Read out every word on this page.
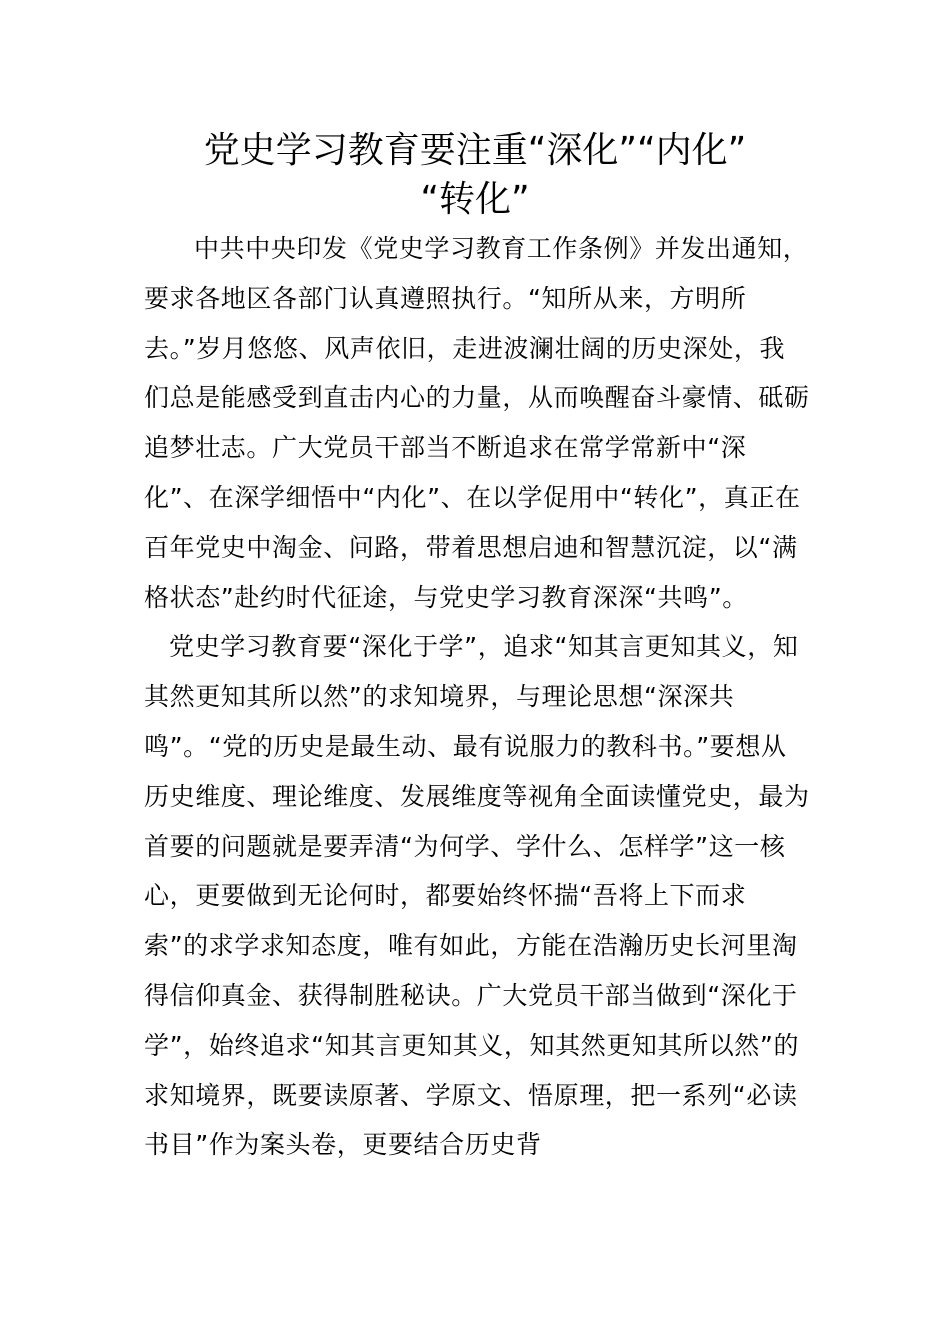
党史学习教育要注重“深化”“内化”
“转化”

中共中央印发《党史学习教育工作条例》并发出通知，要求各地区各部门认真遵照执行。“知所从来，方明所去。”岁月悠悠、风声依旧，走进波澜壮阔的历史深处，我们总是能感受到直击内心的力量，从而唤醒奋斗豪情、砥砺追梦壮志。广大党员干部当不断追求在常学常新中“深化”、在深学细悟中“内化”、在以学促用中“转化”，真正在百年党史中淘金、问路，带着思想启迪和智慧沉淀，以“满格状态”赴约时代征途，与党史学习教育深深“共鸣”。

党史学习教育要“深化于学”，追求“知其言更知其义，知其然更知其所以然”的求知境界，与理论思想“深深共鸣”。“党的历史是最生动、最有说服力的教科书。”要想从历史维度、理论维度、发展维度等视角全面读懂党史，最为首要的问题就是要弄清“为何学、学什么、怎样学”这一核心，更要做到无论何时，都要始终怀揣“吾将上下而求索”的求学求知态度，唯有如此，方能在浩瀚历史长河里淘得信仰真金、获得制胜秘诀。广大党员干部当做到“深化于学”，始终追求“知其言更知其义，知其然更知其所以然”的求知境界，既要读原著、学原文、悟原理，把一系列“必读书目”作为案头卷，更要结合历史背
